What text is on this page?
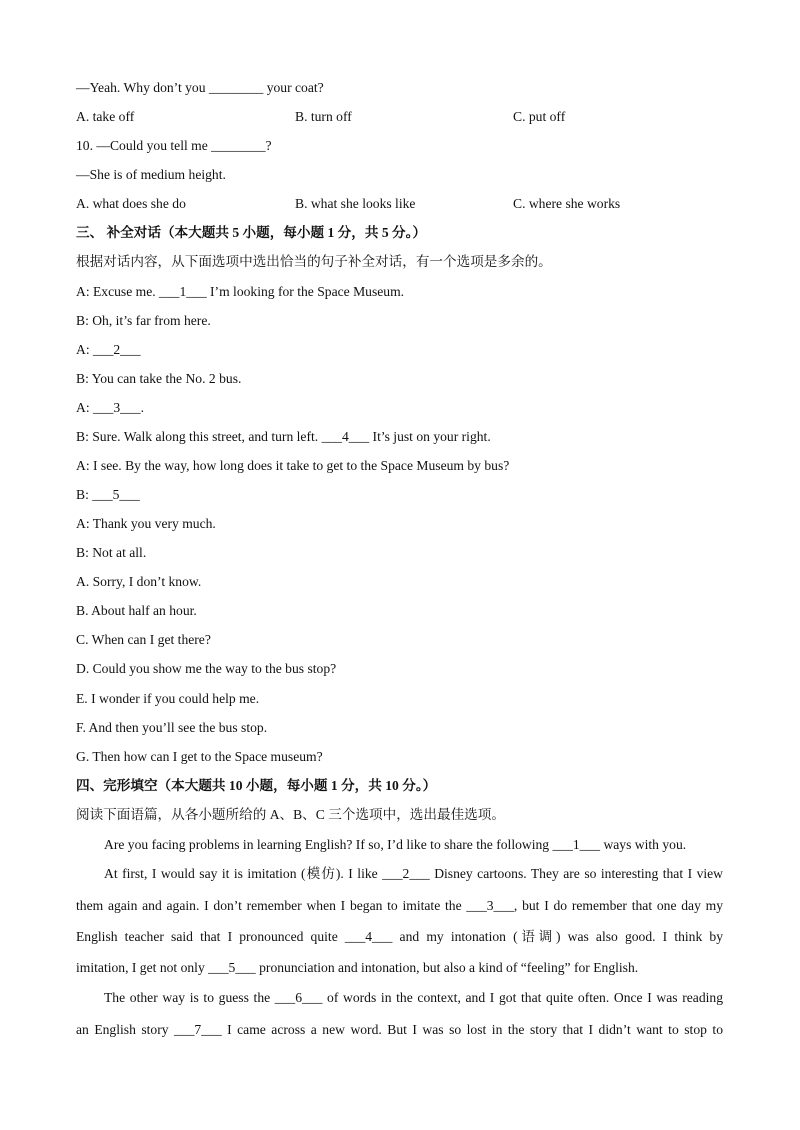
—Yeah. Why don’t you ________ your coat?
A. take off	B. turn off	C. put off
10. —Could you tell me ________?
—She is of medium height.
A. what does she do	B. what she looks like	C. where she works
三、 补全对话（本大题共 5 小题，每小题 1 分，共 5 分。）
根据对话内容，从下面选项中选出恰当的句子补全对话，有一个选项是多余的。
A: Excuse me. ___1___ I’m looking for the Space Museum.
B: Oh, it’s far from here.
A: ___2___
B: You can take the No. 2 bus.
A: ___3___.
B: Sure. Walk along this street, and turn left. ___4___ It’s just on your right.
A: I see. By the way, how long does it take to get to the Space Museum by bus?
B: ___5___
A: Thank you very much.
B: Not at all.
A. Sorry, I don’t know.
B. About half an hour.
C. When can I get there?
D. Could you show me the way to the bus stop?
E. I wonder if you could help me.
F. And then you’ll see the bus stop.
G. Then how can I get to the Space museum?
四、完形填空（本大题共 10 小题，每小题 1 分，共 10 分。）
阅读下面语篇，从各小题所给的 A、B、C 三个选项中，选出最佳选项。
Are you facing problems in learning English? If so, I’d like to share the following ___1___ ways with you.
At first, I would say it is imitation (模仿). I like ___2___ Disney cartoons. They are so interesting that I view
them again and again. I don’t remember when I began to imitate the ___3___, but I do remember that one day my
English teacher said that I pronounced quite ___4___ and my intonation (语调) was also good. I think by
imitation, I get not only ___5___ pronunciation and intonation, but also a kind of “feeling” for English.
The other way is to guess the ___6___ of words in the context, and I got that quite often. Once I was reading
an English story ___7___ I came across a new word. But I was so lost in the story that I didn’t want to stop to
